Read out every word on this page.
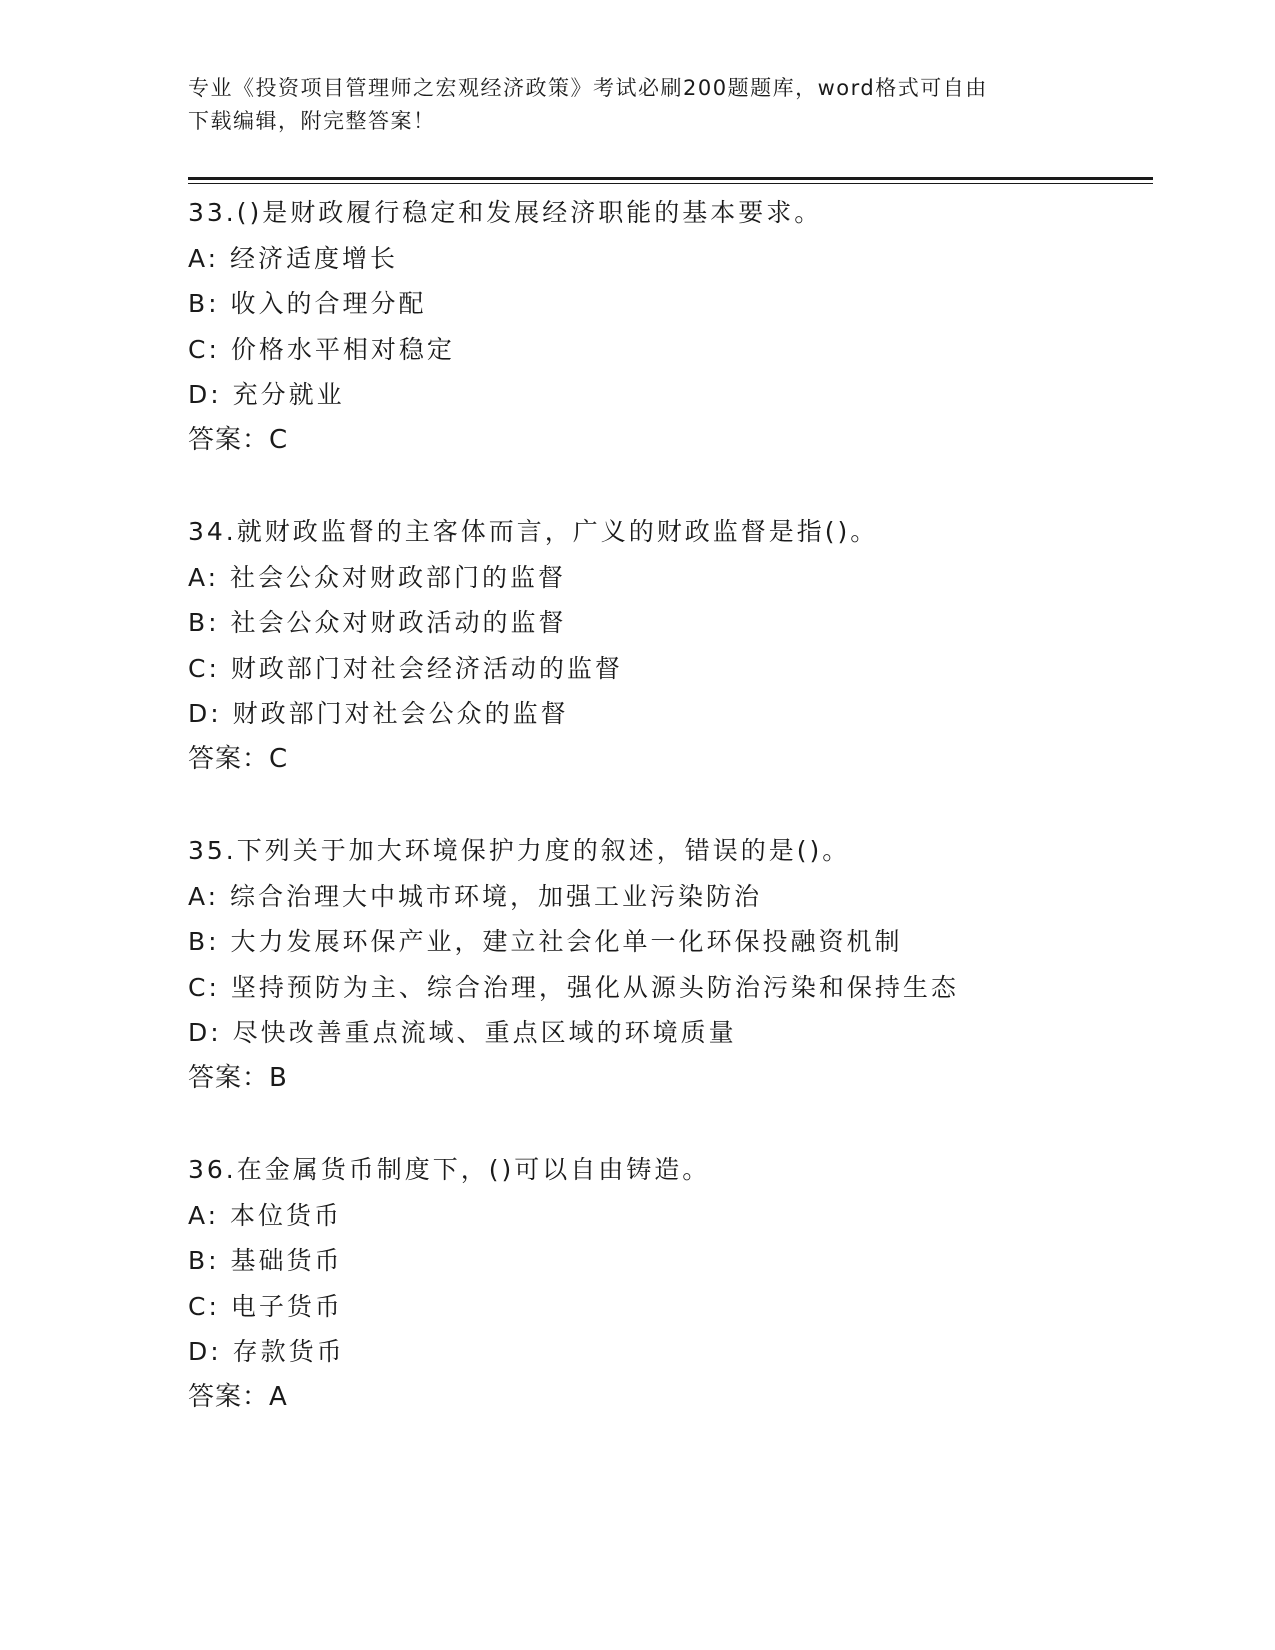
专业《投资项目管理师之宏观经济政策》考试必刷200题题库，word格式可自由
下载编辑，附完整答案！
33.()是财政履行稳定和发展经济职能的基本要求。
A: 经济适度增长
B: 收入的合理分配
C: 价格水平相对稳定
D: 充分就业
答案：C
34.就财政监督的主客体而言，广义的财政监督是指()。
A: 社会公众对财政部门的监督
B: 社会公众对财政活动的监督
C: 财政部门对社会经济活动的监督
D: 财政部门对社会公众的监督
答案：C
35.下列关于加大环境保护力度的叙述，错误的是()。
A: 综合治理大中城市环境，加强工业污染防治
B: 大力发展环保产业，建立社会化单一化环保投融资机制
C: 坚持预防为主、综合治理，强化从源头防治污染和保持生态
D: 尽快改善重点流域、重点区域的环境质量
答案：B
36.在金属货币制度下，()可以自由铸造。
A: 本位货币
B: 基础货币
C: 电子货币
D: 存款货币
答案：A
